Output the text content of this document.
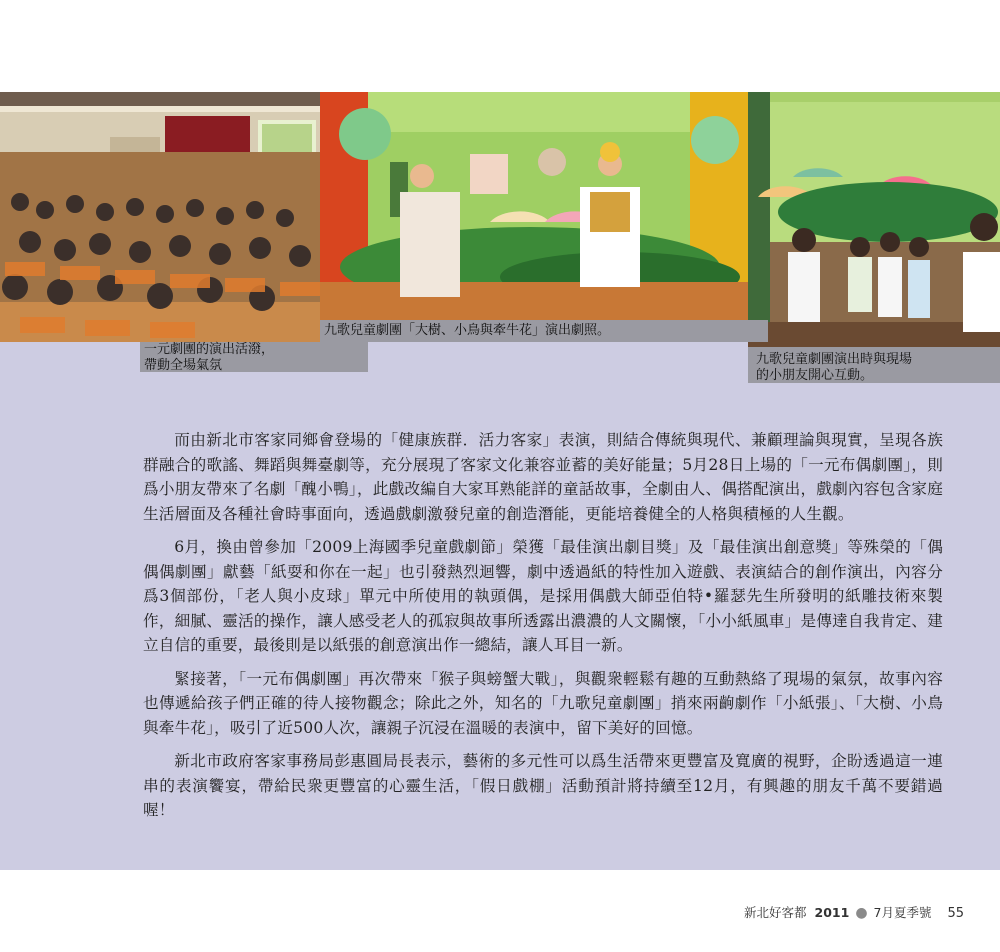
一元劇團的演出活潑，
帶動全場氣氛
九歌兒童劇團「大樹、小鳥與牽牛花」演出劇照。
九歌兒童劇團演出時與現場
的小朋友開心互動。

而由新北市客家同鄉會登場的「健康族群．活力客家」表演，則結合傳統與現代、兼顧理論與現實，呈現各族群融合的歌謠、舞蹈與舞臺劇等，充分展現了客家文化兼容並蓄的美好能量；5月28日上場的「一元布偶劇團」，則爲小朋友帶來了名劇「醜小鴨」，此戲改編自大家耳熟能詳的童話故事，全劇由人、偶搭配演出，戲劇內容包含家庭生活層面及各種社會時事面向，透過戲劇激發兒童的創造潛能，更能培養健全的人格與積極的人生觀。

6月，換由曾參加「2009上海國季兒童戲劇節」榮獲「最佳演出劇目獎」及「最佳演出創意獎」等殊榮的「偶偶偶劇團」獻藝「紙耍和你在一起」也引發熱烈迴響，劇中透過紙的特性加入遊戲、表演結合的創作演出，內容分爲3個部份，「老人與小皮球」單元中所使用的執頭偶，是採用偶戲大師亞伯特•羅瑟先生所發明的紙雕技術來製作，細膩、靈活的操作，讓人感受老人的孤寂與故事所透露出濃濃的人文關懷，「小小紙風車」是傳達自我肯定、建立自信的重要，最後則是以紙張的創意演出作一總結，讓人耳目一新。

緊接著，「一元布偶劇團」再次帶來「猴子與螃蟹大戰」，與觀衆輕鬆有趣的互動熱絡了現場的氣氛，故事內容也傳遞給孩子們正確的待人接物觀念；除此之外，知名的「九歌兒童劇團」捎來兩齣劇作「小紙張」、「大樹、小鳥與牽牛花」，吸引了近500人次，讓親子沉浸在溫暖的表演中，留下美好的回憶。

新北市政府客家事務局彭惠圓局長表示，藝術的多元性可以爲生活帶來更豐富及寬廣的視野，企盼透過這一連串的表演饗宴，帶給民衆更豐富的心靈生活，「假日戲棚」活動預計將持續至12月，有興趣的朋友千萬不要錯過喔！

新北好客都 2011 ● 7月夏季號 55
